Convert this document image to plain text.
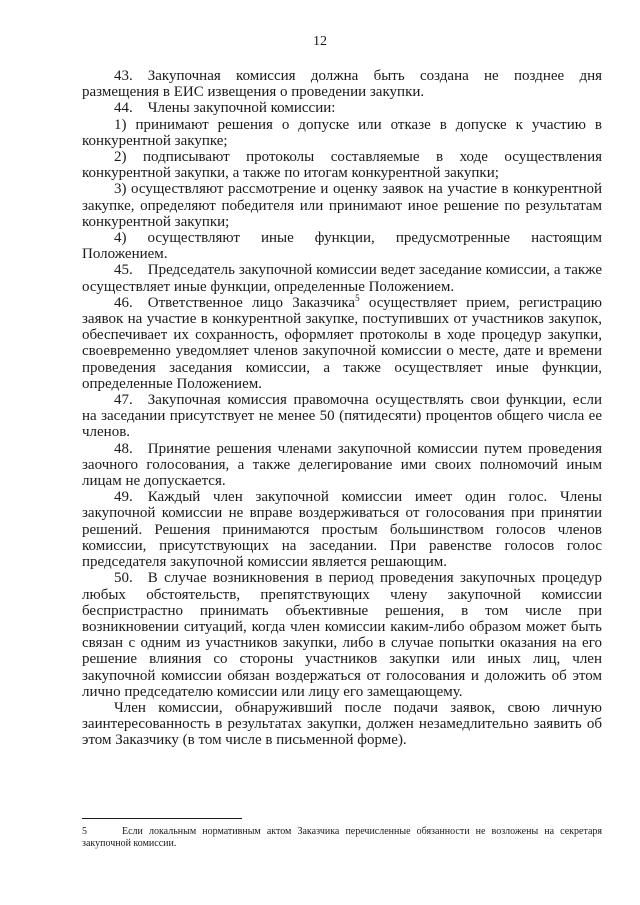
12

43. Закупочная комиссия должна быть создана не позднее дня размещения в ЕИС извещения о проведении закупки.

44. Члены закупочной комиссии:

1) принимают решения о допуске или отказе в допуске к участию в конкурентной закупке;

2) подписывают протоколы составляемые в ходе осуществления конкурентной закупки, а также по итогам конкурентной закупки;

3) осуществляют рассмотрение и оценку заявок на участие в конкурентной закупке, определяют победителя или принимают иное решение по результатам конкурентной закупки;

4) осуществляют иные функции, предусмотренные настоящим Положением.

45. Председатель закупочной комиссии ведет заседание комиссии, а также осуществляет иные функции, определенные Положением.

46. Ответственное лицо Заказчика$^5$ осуществляет прием, регистрацию заявок на участие в конкурентной закупке, поступивших от участников закупок, обеспечивает их сохранность, оформляет протоколы в ходе процедур закупки, своевременно уведомляет членов закупочной комиссии о месте, дате и времени проведения заседания комиссии, а также осуществляет иные функции, определенные Положением.

47. Закупочная комиссия правомочна осуществлять свои функции, если на заседании присутствует не менее 50 (пятидесяти) процентов общего числа ее членов.

48. Принятие решения членами закупочной комиссии путем проведения заочного голосования, а также делегирование ими своих полномочий иным лицам не допускается.

49. Каждый член закупочной комиссии имеет один голос. Члены закупочной комиссии не вправе воздерживаться от голосования при принятии решений. Решения принимаются простым большинством голосов членов комиссии, присутствующих на заседании. При равенстве голосов голос председателя закупочной комиссии является решающим.

50. В случае возникновения в период проведения закупочных процедур любых обстоятельств, препятствующих члену закупочной комиссии беспристрастно принимать объективные решения, в том числе при возникновении ситуаций, когда член комиссии каким-либо образом может быть связан с одним из участников закупки, либо в случае попытки оказания на его решение влияния со стороны участников закупки или иных лиц, член закупочной комиссии обязан воздержаться от голосования и доложить об этом лично председателю комиссии или лицу его замещающему.

Член комиссии, обнаруживший после подачи заявок, свою личную заинтересованность в результатах закупки, должен незамедлительно заявить об этом Заказчику (в том числе в письменной форме).

5	Если локальным нормативным актом Заказчика перечисленные обязанности не возложены на секретаря закупочной комиссии.
